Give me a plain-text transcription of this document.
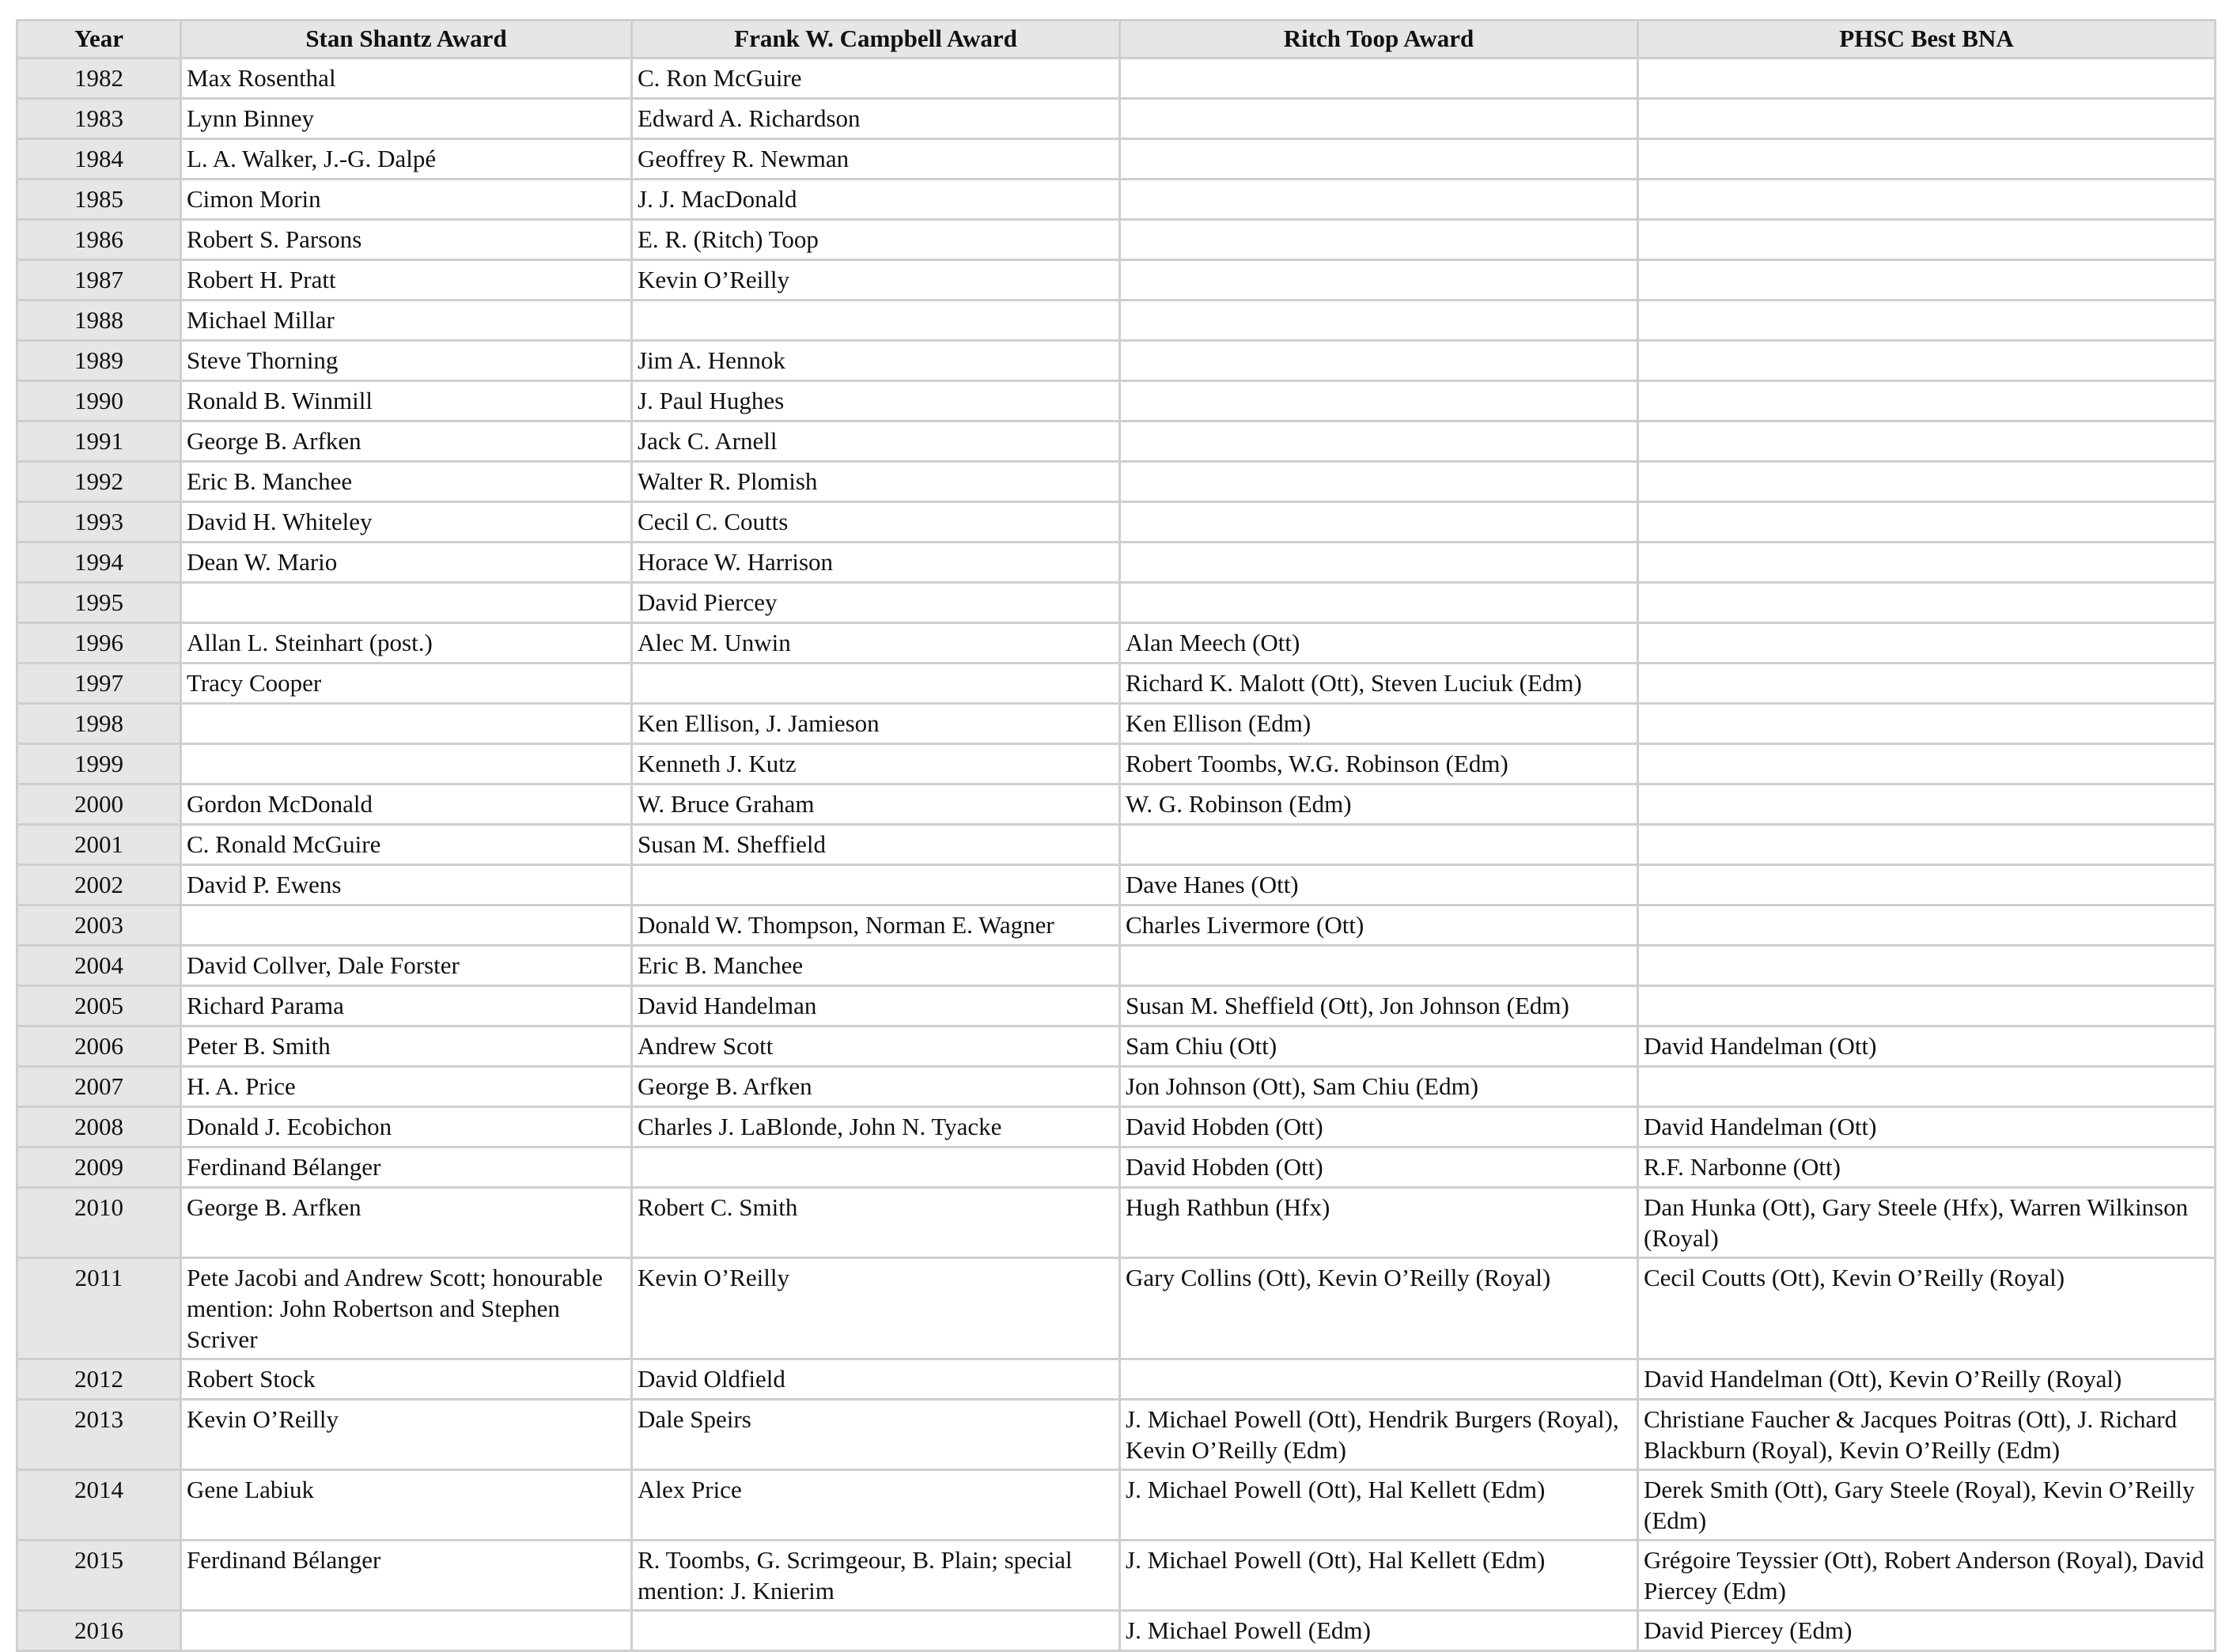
Year	Stan Shantz Award	Frank W. Campbell Award	Ritch Toop Award	PHSC Best BNA
1982	Max Rosenthal	C. Ron McGuire		
1983	Lynn Binney	Edward A. Richardson		
1984	L. A. Walker, J.-G. Dalpé	Geoffrey R. Newman		
1985	Cimon Morin	J. J. MacDonald		
1986	Robert S. Parsons	E. R. (Ritch) Toop		
1987	Robert H. Pratt	Kevin O’Reilly		
1988	Michael Millar			
1989	Steve Thorning	Jim A. Hennok		
1990	Ronald B. Winmill	J. Paul Hughes		
1991	George B. Arfken	Jack C. Arnell		
1992	Eric B. Manchee	Walter R. Plomish		
1993	David H. Whiteley	Cecil C. Coutts		
1994	Dean W. Mario	Horace W. Harrison		
1995		David Piercey		
1996	Allan L. Steinhart (post.)	Alec M. Unwin	Alan Meech (Ott)	
1997	Tracy Cooper		Richard K. Malott (Ott), Steven Luciuk (Edm)	
1998		Ken Ellison, J. Jamieson	Ken Ellison (Edm)	
1999		Kenneth J. Kutz	Robert Toombs, W.G. Robinson (Edm)	
2000	Gordon McDonald	W. Bruce Graham	W. G. Robinson (Edm)	
2001	C. Ronald McGuire	Susan M. Sheffield		
2002	David P. Ewens		Dave Hanes (Ott)	
2003		Donald W. Thompson, Norman E. Wagner	Charles Livermore (Ott)	
2004	David Collver, Dale Forster	Eric B. Manchee		
2005	Richard Parama	David Handelman	Susan M. Sheffield (Ott), Jon Johnson (Edm)	
2006	Peter B. Smith	Andrew Scott	Sam Chiu (Ott)	David Handelman (Ott)
2007	H. A. Price	George B. Arfken	Jon Johnson (Ott), Sam Chiu (Edm)	
2008	Donald J. Ecobichon	Charles J. LaBlonde, John N. Tyacke	David Hobden (Ott)	David Handelman (Ott)
2009	Ferdinand Bélanger		David Hobden (Ott)	R.F. Narbonne (Ott)
2010	George B. Arfken	Robert C. Smith	Hugh Rathbun (Hfx)	Dan Hunka (Ott), Gary Steele (Hfx), Warren Wilkinson (Royal)
2011	Pete Jacobi and Andrew Scott; honourable mention: John Robertson and Stephen Scriver	Kevin O’Reilly	Gary Collins (Ott), Kevin O’Reilly (Royal)	Cecil Coutts (Ott), Kevin O’Reilly (Royal)
2012	Robert Stock	David Oldfield		David Handelman (Ott), Kevin O’Reilly (Royal)
2013	Kevin O’Reilly	Dale Speirs	J. Michael Powell (Ott), Hendrik Burgers (Royal), Kevin O’Reilly (Edm)	Christiane Faucher & Jacques Poitras (Ott), J. Richard Blackburn (Royal), Kevin O’Reilly (Edm)
2014	Gene Labiuk	Alex Price	J. Michael Powell (Ott), Hal Kellett (Edm)	Derek Smith (Ott), Gary Steele (Royal), Kevin O’Reilly (Edm)
2015	Ferdinand Bélanger	R. Toombs, G. Scrimgeour, B. Plain; special mention: J. Knierim	J. Michael Powell (Ott), Hal Kellett (Edm)	Grégoire Teyssier (Ott), Robert Anderson (Royal), David Piercey (Edm)
2016			J. Michael Powell (Edm)	David Piercey (Edm)
